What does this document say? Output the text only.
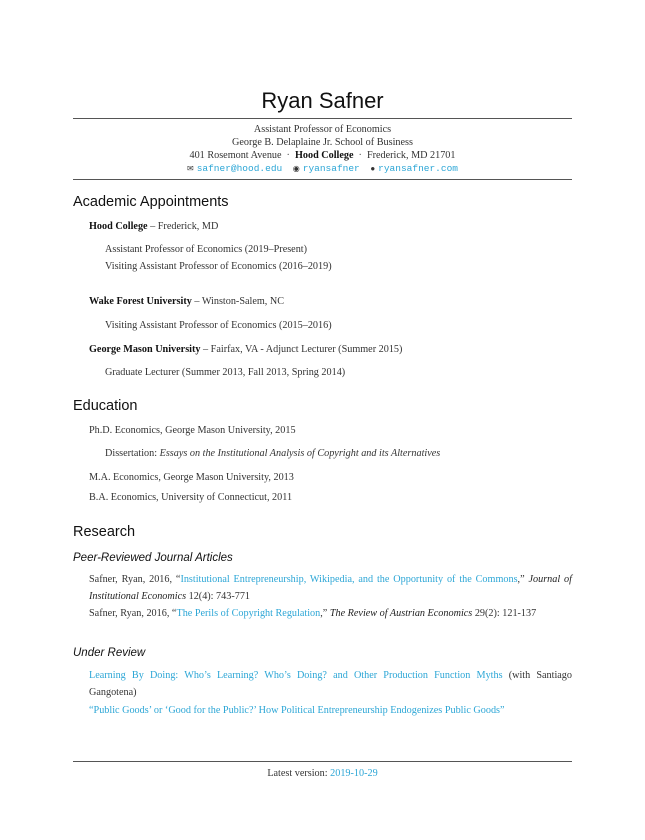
Ryan Safner
Assistant Professor of Economics
George B. Delaplaine Jr. School of Business
401 Rosemont Avenue · Hood College · Frederick, MD 21701
✉ safner@hood.edu ◉ ryansafner ● ryansafner.com
Academic Appointments
Hood College – Frederick, MD
Assistant Professor of Economics (2019–Present)
Visiting Assistant Professor of Economics (2016–2019)
Wake Forest University – Winston-Salem, NC
Visiting Assistant Professor of Economics (2015–2016)
George Mason University – Fairfax, VA - Adjunct Lecturer (Summer 2015)
Graduate Lecturer (Summer 2013, Fall 2013, Spring 2014)
Education
Ph.D. Economics, George Mason University, 2015
Dissertation: Essays on the Institutional Analysis of Copyright and its Alternatives
M.A. Economics, George Mason University, 2013
B.A. Economics, University of Connecticut, 2011
Research
Peer-Reviewed Journal Articles
Safner, Ryan, 2016, “Institutional Entrepreneurship, Wikipedia, and the Opportunity of the Commons,” Journal of Institutional Economics 12(4): 743-771
Safner, Ryan, 2016, “The Perils of Copyright Regulation,” The Review of Austrian Economics 29(2): 121-137
Under Review
Learning By Doing: Who’s Learning? Who’s Doing? and Other Production Function Myths (with Santiago Gangotena)
“Public Goods’ or ‘Good for the Public?’ How Political Entrepreneurship Endogenizes Public Goods”
Latest version: 2019-10-29
